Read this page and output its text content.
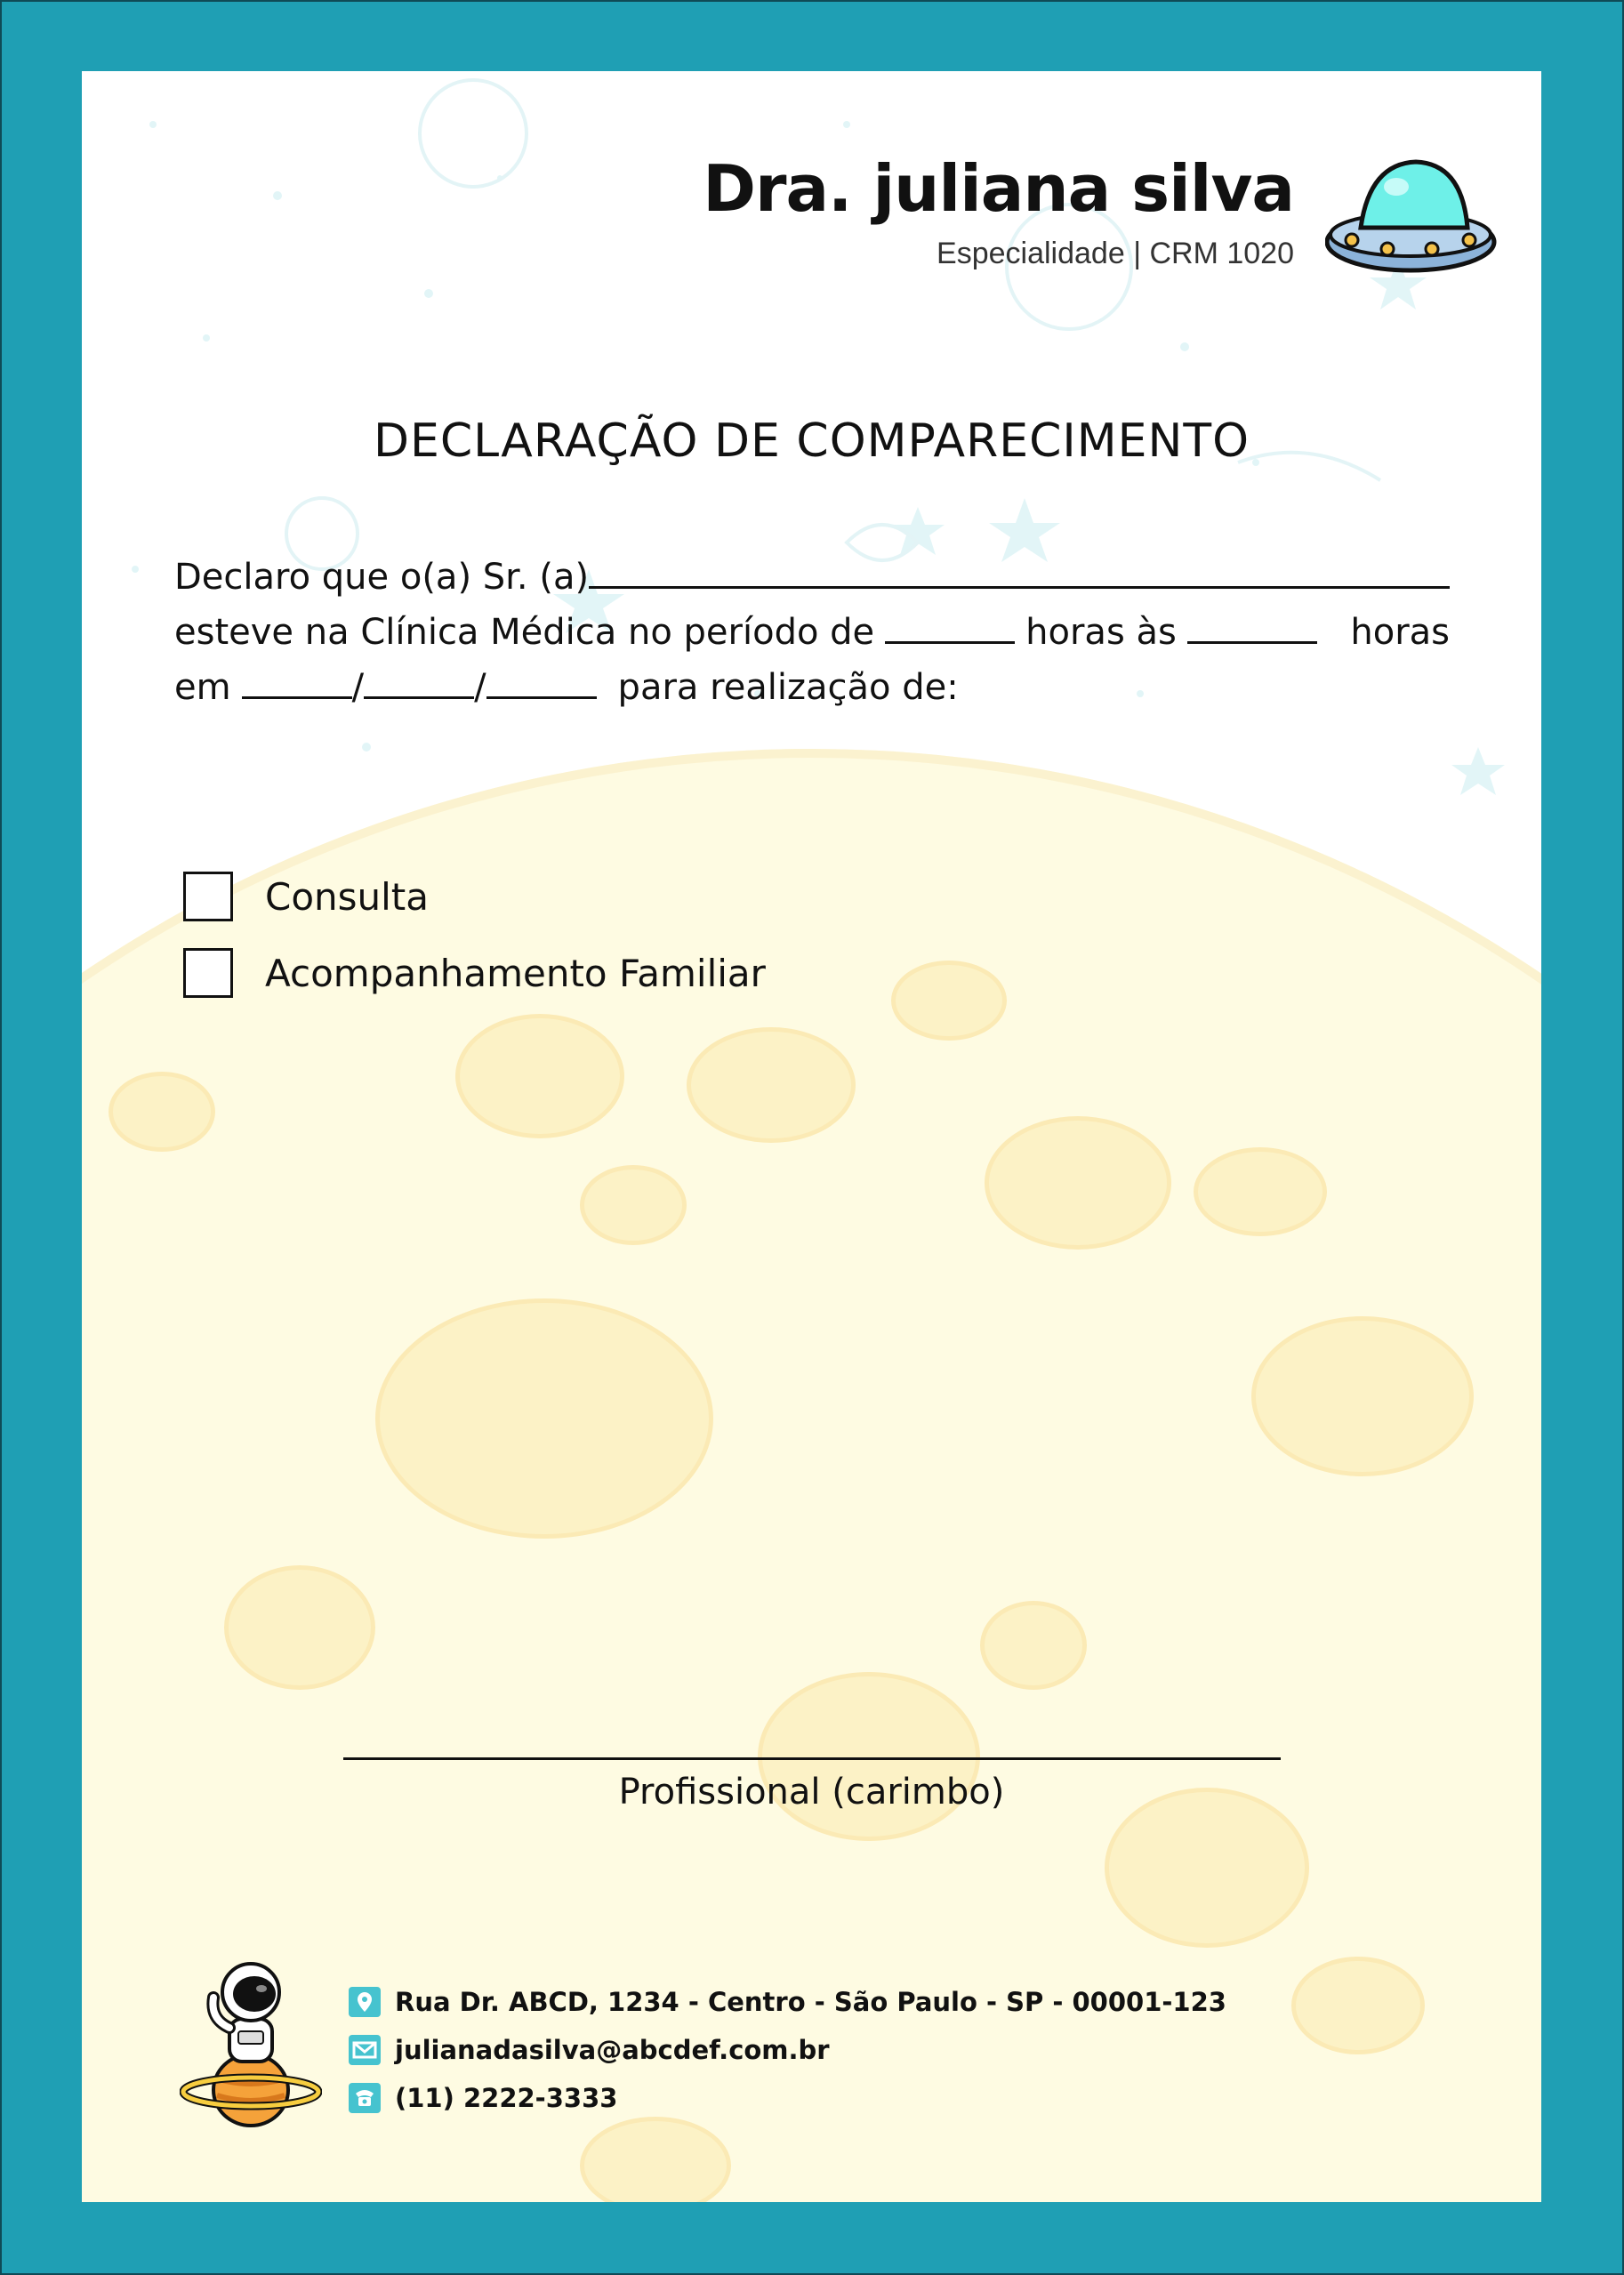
Dra. juliana silva
Especialidade | CRM 1020
DECLARAÇÃO DE COMPARECIMENTO
Declaro que o(a) Sr. (a)
esteve na Clínica Médica no período de	horas às	horas
em	/	/	para realização de:
Consulta
Acompanhamento Familiar
Profissional (carimbo)
Rua Dr. ABCD, 1234 - Centro - São Paulo - SP - 00001-123
julianadasilva@abcdef.com.br
(11) 2222-3333
